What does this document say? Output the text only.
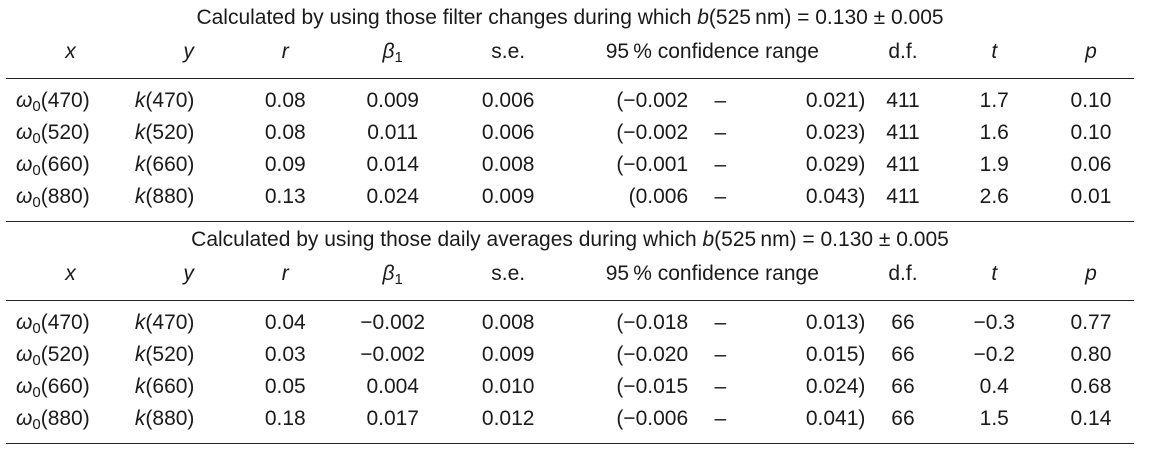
Calculated by using those filter changes during which b(525 nm) = 0.130 ± 0.005										
x	y	r	$\beta_1$	s.e.	95 % confidence range			d.f.	t	p

$\omega_0(470)$	k(470)	0.08	0.009	0.006	(−0.002	–	0.021)	411	1.7	0.10
$\omega_0(520)$	k(520)	0.08	0.011	0.006	(−0.002	–	0.023)	411	1.6	0.10
$\omega_0(660)$	k(660)	0.09	0.014	0.008	(−0.001	–	0.029)	411	1.9	0.06
$\omega_0(880)$	k(880)	0.13	0.024	0.009	(0.006	–	0.043)	411	2.6	0.01

Calculated by using those daily averages during which b(525 nm) = 0.130 ± 0.005										
x	y	r	$\beta_1$	s.e.	95 % confidence range			d.f.	t	p

$\omega_0(470)$	k(470)	0.04	−0.002	0.008	(−0.018	–	0.013)	66	−0.3	0.77
$\omega_0(520)$	k(520)	0.03	−0.002	0.009	(−0.020	–	0.015)	66	−0.2	0.80
$\omega_0(660)$	k(660)	0.05	0.004	0.010	(−0.015	–	0.024)	66	0.4	0.68
$\omega_0(880)$	k(880)	0.18	0.017	0.012	(−0.006	–	0.041)	66	1.5	0.14
